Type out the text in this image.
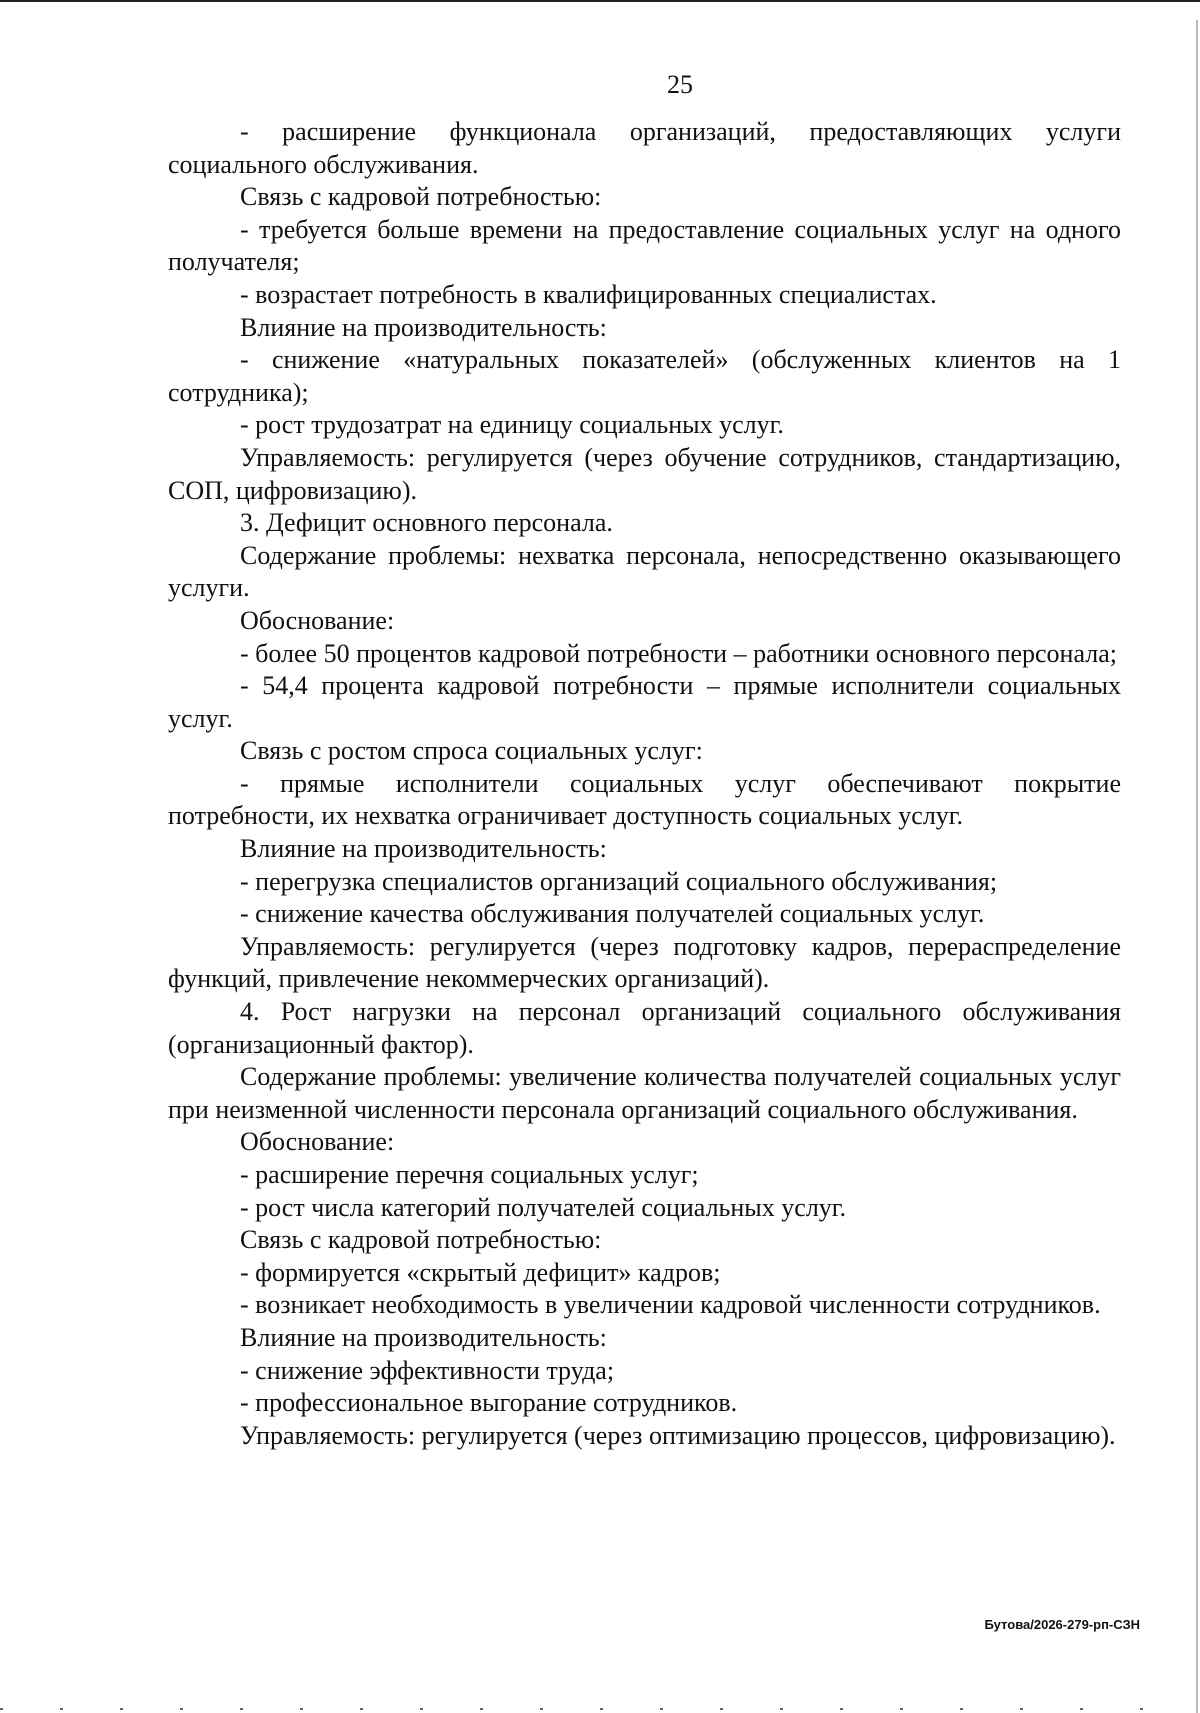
25

- расширение функционала организаций, предоставляющих услуги социального обслуживания.

Связь с кадровой потребностью:

- требуется больше времени на предоставление социальных услуг на одного получателя;

- возрастает потребность в квалифицированных специалистах.

Влияние на производительность:

- снижение «натуральных показателей» (обслуженных клиентов на 1 сотрудника);

- рост трудозатрат на единицу социальных услуг.

Управляемость: регулируется (через обучение сотрудников, стандартизацию, СОП, цифровизацию).

3. Дефицит основного персонала.

Содержание проблемы: нехватка персонала, непосредственно оказывающего услуги.

Обоснование:

- более 50 процентов кадровой потребности – работники основного персонала;

- 54,4 процента кадровой потребности – прямые исполнители социальных услуг.

Связь с ростом спроса социальных услуг:

- прямые исполнители социальных услуг обеспечивают покрытие потребности, их нехватка ограничивает доступность социальных услуг.

Влияние на производительность:

- перегрузка специалистов организаций социального обслуживания;

- снижение качества обслуживания получателей социальных услуг.

Управляемость: регулируется (через подготовку кадров, перераспределение функций, привлечение некоммерческих организаций).

4. Рост нагрузки на персонал организаций социального обслуживания (организационный фактор).

Содержание проблемы: увеличение количества получателей социальных услуг при неизменной численности персонала организаций социального обслуживания.

Обоснование:

- расширение перечня социальных услуг;

- рост числа категорий получателей социальных услуг.

Связь с кадровой потребностью:

- формируется «скрытый дефицит» кадров;

- возникает необходимость в увеличении кадровой численности сотрудников.

Влияние на производительность:

- снижение эффективности труда;

- профессиональное выгорание сотрудников.

Управляемость: регулируется (через оптимизацию процессов, цифровизацию).

Бутова/2026-279-рп-СЗН
